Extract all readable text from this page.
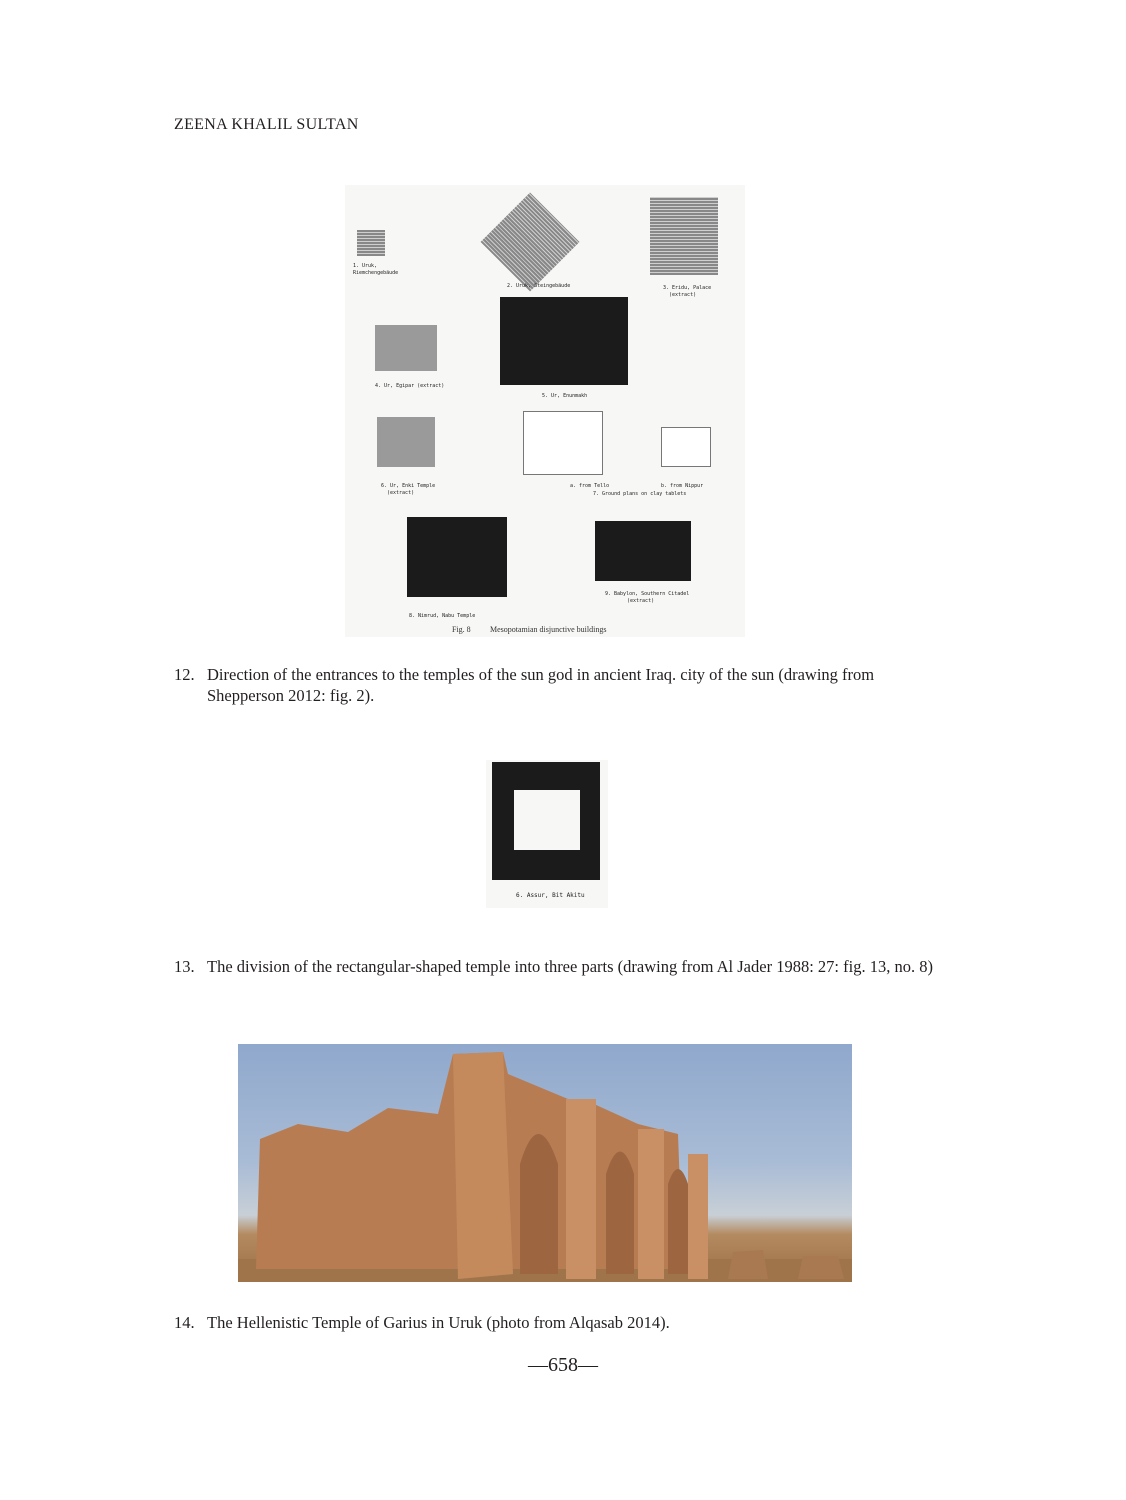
ZEENA KHALIL SULTAN
1. Uruk,
Riemchengebäude
2. Uruk, Steingebäude	3. Eridu, Palace
(extract)
4. Ur, Egipar (extract)
5. Ur, Enunmakh
6. Ur, Enki Temple
(extract)
a. from Tello	b. from Nippur
7. Ground plans on clay tablets
8. Nimrud, Nabu Temple
9. Babylon, Southern Citadel
(extract)
Fig. 8 Mesopotamian disjunctive buildings
12. Direction of the entrances to the temples of the sun god in ancient Iraq. city of the sun (drawing from Shepperson 2012: fig. 2).
6. Assur, Bit Akitu
13. The division of the rectangular-shaped temple into three parts (drawing from Al Jader 1988: 27: fig. 13, no. 8)
14. The Hellenistic Temple of Garius in Uruk (photo from Alqasab 2014).
—658—
